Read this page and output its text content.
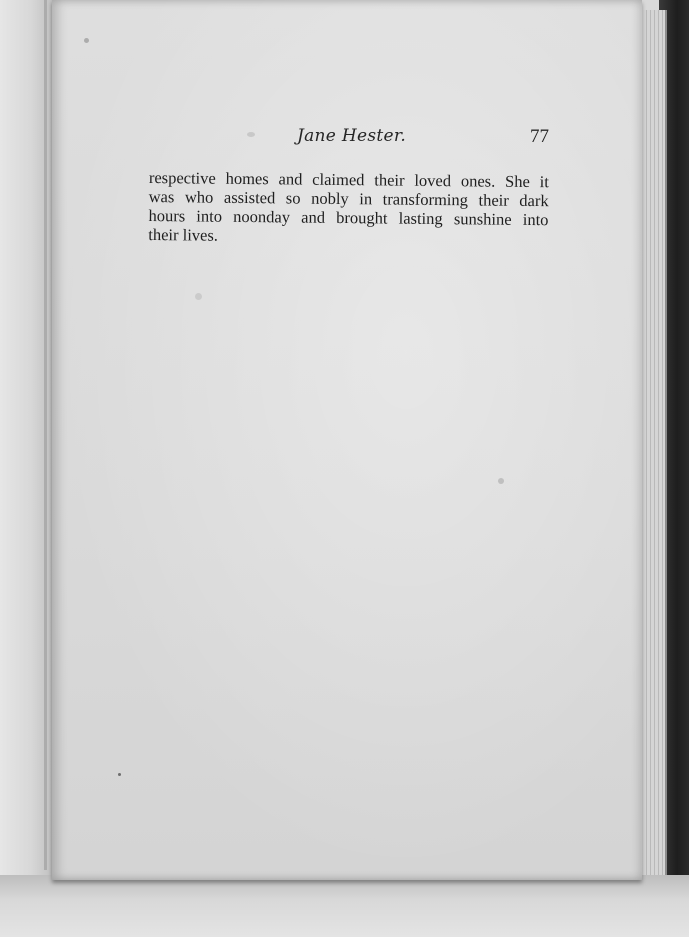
Jane Hester.	77
respective homes and claimed their loved ones. She it
was who assisted so nobly in transforming their dark
hours into noonday and brought lasting sunshine into
their lives.
